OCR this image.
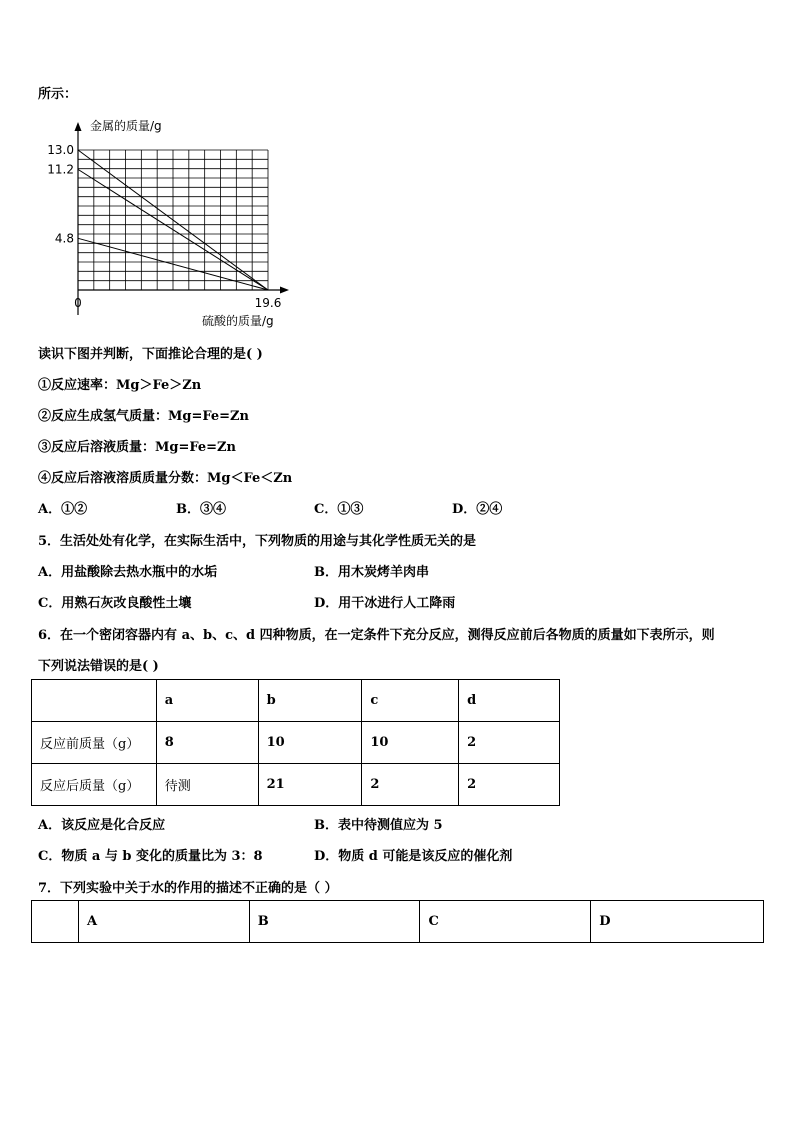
所示：
金属的质量/g
硫酸的质量/g
13.0
11.2
4.8
0	19.6
读识下图并判断，下面推论合理的是( )
①反应速率：Mg＞Fe＞Zn
②反应生成氢气质量：Mg=Fe=Zn
③反应后溶液质量：Mg=Fe=Zn
④反应后溶液溶质质量分数：Mg＜Fe＜Zn
A．①②	B．③④	C．①③	D．②④
5．生活处处有化学，在实际生活中，下列物质的用途与其化学性质无关的是
A．用盐酸除去热水瓶中的水垢	B．用木炭烤羊肉串
C．用熟石灰改良酸性土壤	D．用干冰进行人工降雨
6．在一个密闭容器内有 a、b、c、d 四种物质，在一定条件下充分反应，测得反应前后各物质的质量如下表所示，则
下列说法错误的是( )
	a	b	c	d
反应前质量（g）	8	10	10	2
反应后质量（g）	待测	21	2	2
A．该反应是化合反应	B．表中待测值应为 5
C．物质 a 与 b 变化的质量比为 3：8	D．物质 d 可能是该反应的催化剂
7．下列实验中关于水的作用的描述不正确的是（ ）
	A	B	C	D
